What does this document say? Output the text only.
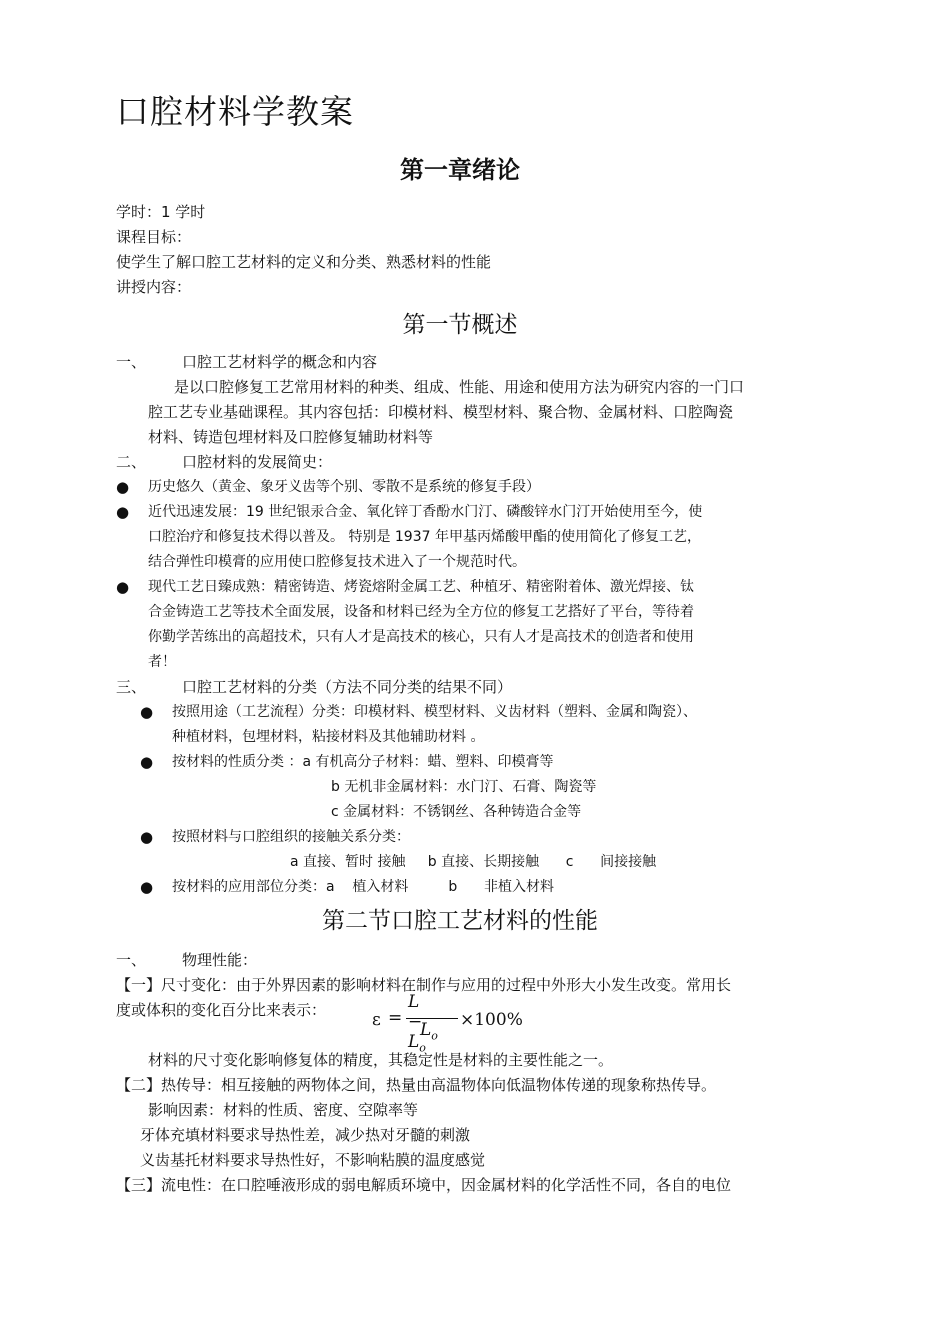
口腔材料学教案
第一章绪论
学时：1 学时
课程目标：
使学生了解口腔工艺材料的定义和分类、熟悉材料的性能
讲授内容：
第一节概述
一、 口腔工艺材料学的概念和内容
是以口腔修复工艺常用材料的种类、组成、性能、用途和使用方法为研究内容的一门口
腔工艺专业基础课程。其内容包括：印模材料、模型材料、聚合物、金属材料、口腔陶瓷
材料、铸造包埋材料及口腔修复辅助材料等
二、 口腔材料的发展简史：
● 历史悠久（黄金、象牙义齿等个别、零散不是系统的修复手段）
● 近代迅速发展：19 世纪银汞合金、氧化锌丁香酚水门汀、磷酸锌水门汀开始使用至今，使
口腔治疗和修复技术得以普及。 特别是 1937 年甲基丙烯酸甲酯的使用简化了修复工艺，
结合弹性印模膏的应用使口腔修复技术进入了一个规范时代。
● 现代工艺日臻成熟：精密铸造、烤瓷熔附金属工艺、种植牙、精密附着体、激光焊接、钛
合金铸造工艺等技术全面发展，设备和材料已经为全方位的修复工艺搭好了平台，等待着
你勤学苦练出的高超技术，只有人才是高技术的核心，只有人才是高技术的创造者和使用
者！
三、 口腔工艺材料的分类（方法不同分类的结果不同）
● 按照用途（工艺流程）分类：印模材料、模型材料、义齿材料（塑料、金属和陶瓷）、
种植材料，包埋材料，粘接材料及其他辅助材料 。
● 按材料的性质分类 ：a 有机高分子材料：蜡、塑料、印模膏等
b 无机非金属材料：水门汀、石膏、陶瓷等
c 金属材料：不锈钢丝、各种铸造合金等
● 按照材料与口腔组织的接触关系分类：
a 直接、暂时 接触     b 直接、长期接触      c      间接接触
● 按材料的应用部位分类：a    植入材料         b      非植入材料
第二节口腔工艺材料的性能
一、 物理性能：
【一】尺寸变化：由于外界因素的影响材料在制作与应用的过程中外形大小发生改变。常用长
度或体积的变化百分比来表示：	ε =
$L - L_o$
$L_o$
×100%
材料的尺寸变化影响修复体的精度，其稳定性是材料的主要性能之一。
【二】热传导：相互接触的两物体之间，热量由高温物体向低温物体传递的现象称热传导。
影响因素：材料的性质、密度、空隙率等
牙体充填材料要求导热性差，减少热对牙髓的刺激
义齿基托材料要求导热性好，不影响粘膜的温度感觉
【三】流电性：在口腔唾液形成的弱电解质环境中，因金属材料的化学活性不同，各自的电位
